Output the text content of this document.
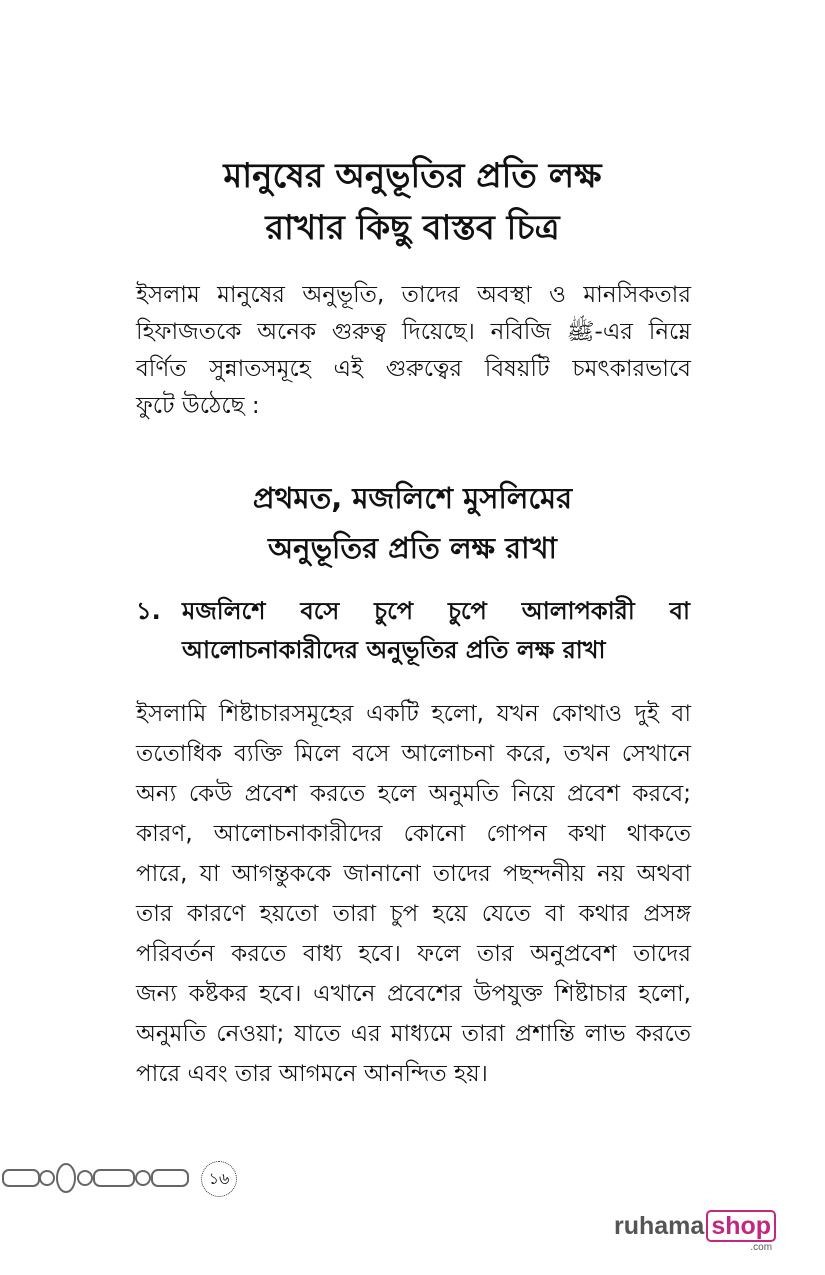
মানুষের অনুভূতির প্রতি লক্ষ
রাখার কিছু বাস্তব চিত্র
ইসলাম মানুষের অনুভূতি, তাদের অবস্থা ও মানসিকতার
হিফাজতকে অনেক গুরুত্ব দিয়েছে। নবিজি ﷺ-এর নিম্নে
বর্ণিত সুন্নাতসমূহে এই গুরুত্বের বিষয়টি চমৎকারভাবে
ফুটে উঠেছে :
প্রথমত, মজলিশে মুসলিমের
অনুভূতির প্রতি লক্ষ রাখা
১. মজলিশে বসে চুপে চুপে আলাপকারী বা
আলোচনাকারীদের অনুভূতির প্রতি লক্ষ রাখা
ইসলামি শিষ্টাচারসমূহের একটি হলো, যখন কোথাও দুই বা
ততোধিক ব্যক্তি মিলে বসে আলোচনা করে, তখন সেখানে
অন্য কেউ প্রবেশ করতে হলে অনুমতি নিয়ে প্রবেশ করবে;
কারণ, আলোচনাকারীদের কোনো গোপন কথা থাকতে
পারে, যা আগন্তুককে জানানো তাদের পছন্দনীয় নয় অথবা
তার কারণে হয়তো তারা চুপ হয়ে যেতে বা কথার প্রসঙ্গ
পরিবর্তন করতে বাধ্য হবে। ফলে তার অনুপ্রবেশ তাদের
জন্য কষ্টকর হবে। এখানে প্রবেশের উপযুক্ত শিষ্টাচার হলো,
অনুমতি নেওয়া; যাতে এর মাধ্যমে তারা প্রশান্তি লাভ করতে
পারে এবং তার আগমনে আনন্দিত হয়।
১৬
ruhama shop
.com
